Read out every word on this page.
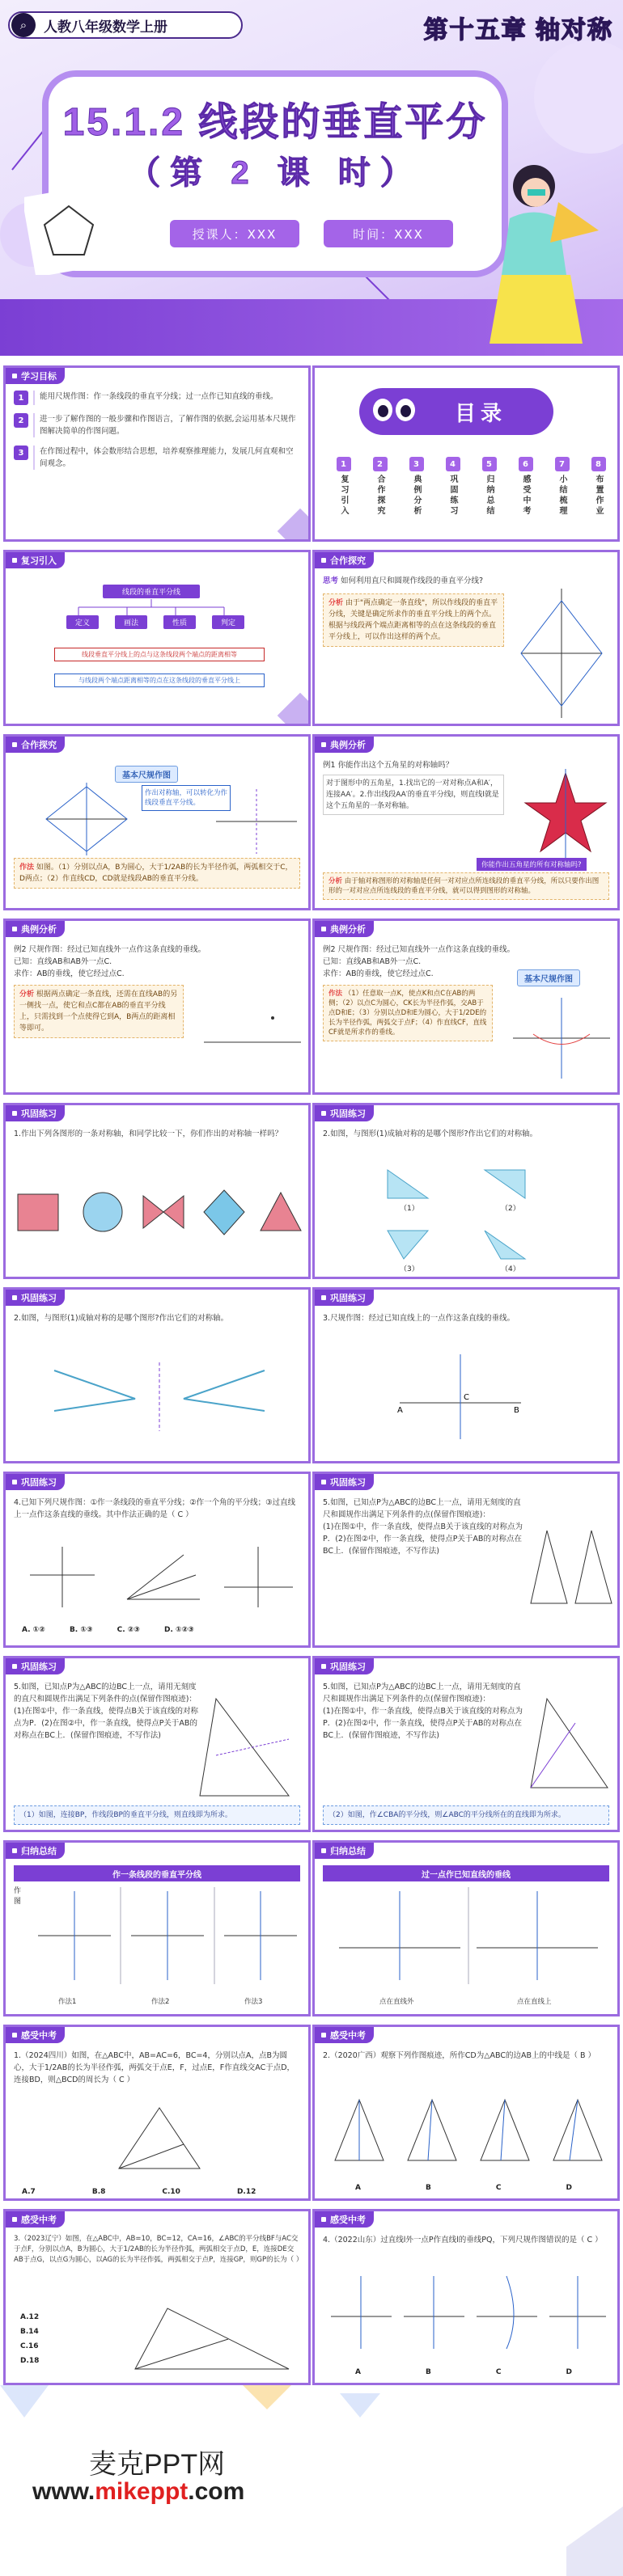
⌕	人教八年级数学上册	第十五章 轴对称
15.1.2 线段的垂直平分
（第 2 课 时）
授课人：XXX	时间：XXX
学习目标
1	能用尺规作图：作一条线段的垂直平分线；过一点作已知直线的垂线。
2	进一步了解作图的一般步骤和作图语言，了解作图的依据,会运用基本尺规作图解决简单的作图问题。
3	在作图过程中，体会数形结合思想，培养观察推理能力，发展几何直观和空间观念。
目录
1
复习引入
2
合作探究
3
典例分析
4
巩固练习
5
归纳总结
6
感受中考
7
小结梳理
8
布置作业
复习引入
线段的垂直平分线
定义	画法	性质	判定
线段垂直平分线上的点与这条线段两个端点的距离相等
与线段两个端点距离相等的点在这条线段的垂直平分线上
合作探究
思考 如何利用直尺和圆规作线段的垂直平分线?
分析 由于"两点确定一条直线"，所以作线段的垂直平分线，关键是确定所求作的垂直平分线上的两个点。根据与线段两个端点距离相等的点在这条线段的垂直平分线上，可以作出这样的两个点。
合作探究
基本尺规作图
作出对称轴，可以转化为作线段垂直平分线。
作法 如图。（1）分别以点A，B为圆心，大于1/2AB的长为半径作弧，两弧相交于C，D两点；（2）作直线CD，CD就是线段AB的垂直平分线。
典例分析
例1 你能作出这个五角星的对称轴吗？
对于图形中的五角星，1.找出它的一对对称点A和A′，连接AA′。2.作出线段AA′的垂直平分线l，则直线l就是这个五角星的一条对称轴。
你能作出五角星的所有对称轴吗?
分析 由于轴对称图形的对称轴是任何一对对应点所连线段的垂直平分线，所以只要作出图形的一对对应点所连线段的垂直平分线，就可以得到图形的对称轴。
典例分析
例2 尺规作图：经过已知直线外一点作这条直线的垂线。
已知：直线AB和AB外一点C.
求作：AB的垂线，使它经过点C.
分析 根据两点确定一条直线，还需在直线AB的另一侧找一点，使它和点C都在AB的垂直平分线上，只需找到一个点使得它到A，B两点的距离相等即可。
典例分析
例2 尺规作图：经过已知直线外一点作这条直线的垂线。
已知：直线AB和AB外一点C.
求作：AB的垂线，使它经过点C.
作法 （1）任意取一点K，使点K和点C在AB的两侧；（2）以点C为圆心，CK长为半径作弧，交AB于点D和E；（3）分别以点D和E为圆心，大于1/2DE的长为半径作弧，两弧交于点F；（4）作直线CF，直线CF就是所求作的垂线。
基本尺规作图
巩固练习
1.作出下列各图形的一条对称轴，和同学比较一下，你们作出的对称轴一样吗？
巩固练习
2.如图，与图形(1)成轴对称的是哪个图形?作出它们的对称轴。
（1）	（2）
（3）	（4）
巩固练习
2.如图，与图形(1)成轴对称的是哪个图形?作出它们的对称轴。
巩固练习
3.尺规作图：经过已知直线上的一点作这条直线的垂线。
A	B
C
巩固练习
4.已知下列尺规作图：①作一条线段的垂直平分线；②作一个角的平分线；③过直线上一点作这条直线的垂线。其中作法正确的是（ C ）
A. ①②	B. ①③	C. ②③	D. ①②③
巩固练习
5.如图，已知点P为△ABC的边BC上一点，请用无刻度的直尺和圆规作出满足下列条件的点(保留作图痕迹)：
(1)在图①中，作一条直线，使得点B关于该直线的对称点为P．(2)在图②中，作一条直线，使得点P关于AB的对称点在BC上．(保留作图痕迹，不写作法)
巩固练习
5.如图，已知点P为△ABC的边BC上一点，请用无刻度的直尺和圆规作出满足下列条件的点(保留作图痕迹)：
(1)在图①中，作一条直线，使得点B关于该直线的对称点为P．(2)在图②中，作一条直线，使得点P关于AB的对称点在BC上．(保留作图痕迹，不写作法)
（1）如图，连接BP，作线段BP的垂直平分线，则直线即为所求。
巩固练习
5.如图，已知点P为△ABC的边BC上一点，请用无刻度的直尺和圆规作出满足下列条件的点(保留作图痕迹)：
(1)在图①中，作一条直线，使得点B关于该直线的对称点为P．(2)在图②中，作一条直线，使得点P关于AB的对称点在BC上．(保留作图痕迹，不写作法)
（2）如图，作∠CBA的平分线，则∠ABC的平分线所在的直线即为所求。
归纳总结
作一条线段的垂直平分线
作图
作法1	作法2	作法3
归纳总结
过一点作已知直线的垂线
点在直线外	点在直线上
感受中考
1.（2024四川）如图，在△ABC中，AB=AC=6，BC=4，分别以点A，点B为圆心，大于1/2AB的长为半径作弧，两弧交于点E，F，过点E，F作直线交AC于点D，连接BD，则△BCD的周长为（ C ）
A.7	B.8	C.10	D.12
感受中考
2.（2020广西）观察下列作图痕迹，所作CD为△ABC的边AB上的中线是（ B ）
A	B	C	D
感受中考
3.（2023辽宁）如图，在△ABC中，AB=10，BC=12，CA=16，∠ABC的平分线BF与AC交于点F，分别以点A，B为圆心，大于1/2AB的长为半径作弧，两弧相交于点D，E，连接DE交AB于点G，以点G为圆心，以AG的长为半径作弧，两弧相交于点P，连接GP，则GP的长为（ ）
A.12
B.14
C.16
D.18
感受中考
4.（2022山东）过直线l外一点P作直线l的垂线PQ，下列尺规作图错误的是（ C ）
A	B	C	D
麦克PPT网
www.mikeppt.com
